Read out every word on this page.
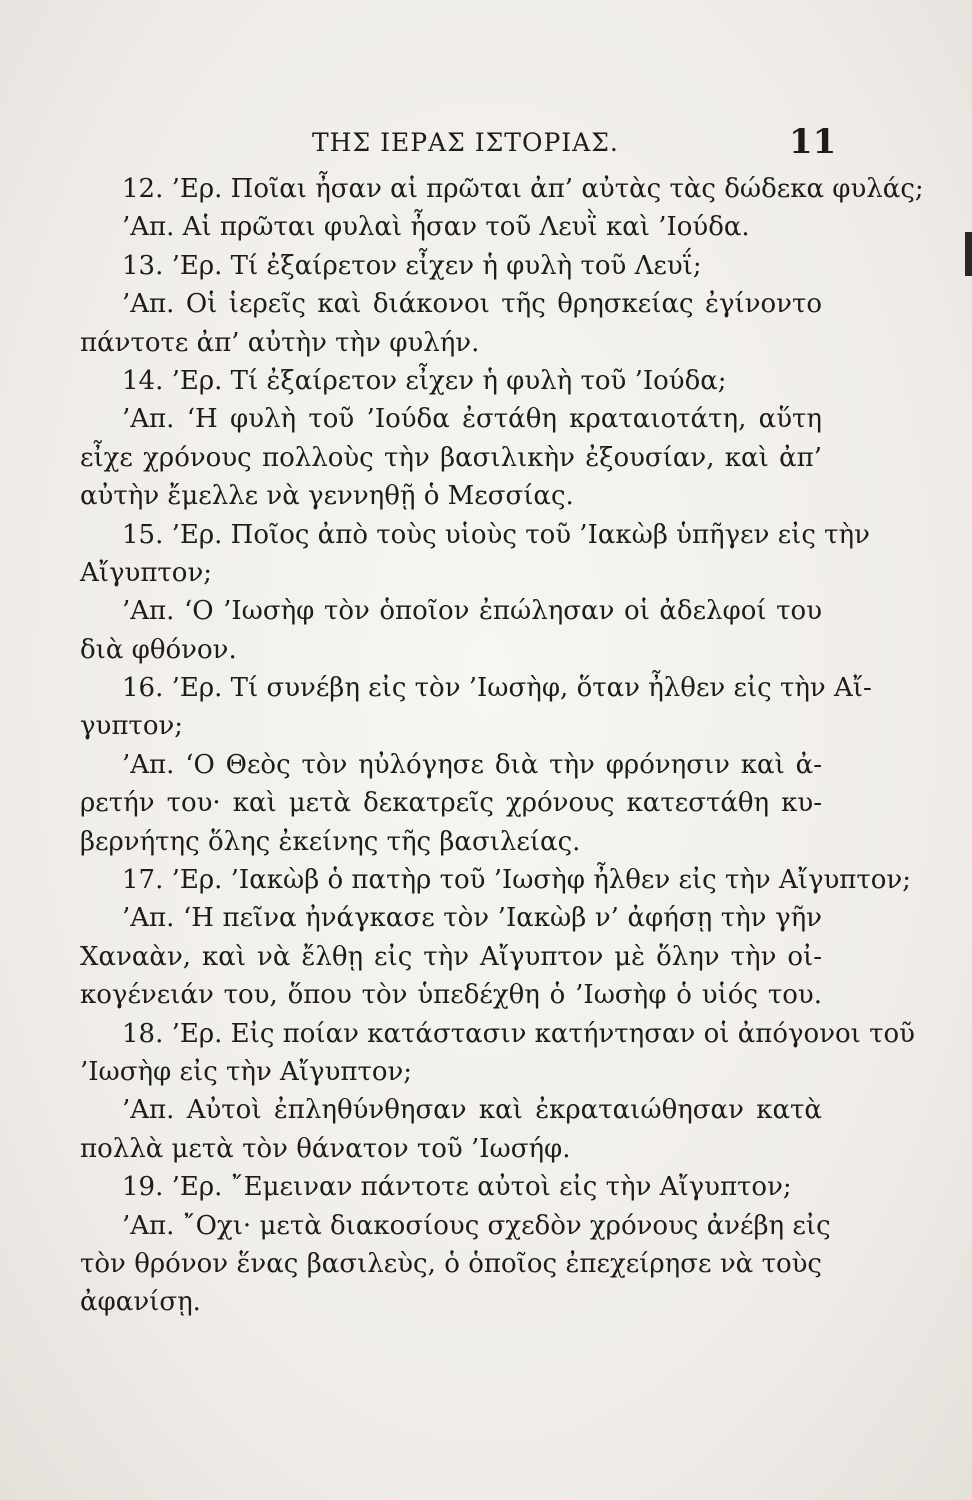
ΤΗΣ ΙΕΡΑΣ ΙΣΤΟΡΙΑΣ.	11
12. ’Ερ. Ποῖαι ἦσαν αἱ πρῶται ἀπ’ αὐτὰς τὰς δώδεκα φυλάς;
’Απ. Αἱ πρῶται φυλαὶ ἦσαν τοῦ Λευῒ καὶ ’Ιούδα.
13. ’Ερ. Τί ἐξαίρετον εἶχεν ἡ φυλὴ τοῦ Λευΐ;
’Απ. Οἱ ἱερεῖς καὶ διάκονοι τῆς θρησκείας ἐγίνοντο
πάντοτε ἀπ’ αὐτὴν τὴν φυλήν.
14. ’Ερ. Τί ἐξαίρετον εἶχεν ἡ φυλὴ τοῦ ’Ιούδα;
’Απ. ‘Η φυλὴ τοῦ ’Ιούδα ἐστάθη κραταιοτάτη, αὕτη
εἶχε χρόνους πολλοὺς τὴν βασιλικὴν ἐξουσίαν, καὶ ἀπ’
αὐτὴν ἔμελλε νὰ γεννηθῇ ὁ Μεσσίας.
15. ’Ερ. Ποῖος ἀπὸ τοὺς υἱοὺς τοῦ ’Ιακὼβ ὑπῆγεν εἰς τὴν
Αἴγυπτον;
’Απ. ‘Ο ’Ιωσὴφ τὸν ὁποῖον ἐπώλησαν οἱ ἀδελφοί του
διὰ φθόνον.
16. ’Ερ. Τί συνέβη εἰς τὸν ’Ιωσὴφ, ὅταν ἦλθεν εἰς τὴν Αἴ-
γυπτον;
’Απ. ‘Ο Θεὸς τὸν ηὐλόγησε διὰ τὴν φρόνησιν καὶ ἀ-
ρετήν του· καὶ μετὰ δεκατρεῖς χρόνους κατεστάθη κυ-
βερνήτης ὅλης ἐκείνης τῆς βασιλείας.
17. ’Ερ. ’Ιακὼβ ὁ πατὴρ τοῦ ’Ιωσὴφ ἦλθεν εἰς τὴν Αἴγυπτον;
’Απ. ‘Η πεῖνα ἠνάγκασε τὸν ’Ιακὼβ ν’ ἀφήσῃ τὴν γῆν
Χαναὰν, καὶ νὰ ἔλθῃ εἰς τὴν Αἴγυπτον μὲ ὅλην τὴν οἰ-
κογένειάν του, ὅπου τὸν ὑπεδέχθη ὁ ’Ιωσὴφ ὁ υἱός του.
18. ’Ερ. Εἰς ποίαν κατάστασιν κατήντησαν οἱ ἀπόγονοι τοῦ
’Ιωσὴφ εἰς τὴν Αἴγυπτον;
’Απ. Αὐτοὶ ἐπληθύνθησαν καὶ ἐκραταιώθησαν κατὰ
πολλὰ μετὰ τὸν θάνατον τοῦ ’Ιωσήφ.
19. ’Ερ. ῎Εμειναν πάντοτε αὐτοὶ εἰς τὴν Αἴγυπτον;
’Απ. ῎Οχι· μετὰ διακοσίους σχεδὸν χρόνους ἀνέβη εἰς
τὸν θρόνον ἕνας βασιλεὺς, ὁ ὁποῖος ἐπεχείρησε νὰ τοὺς
ἀφανίσῃ.
